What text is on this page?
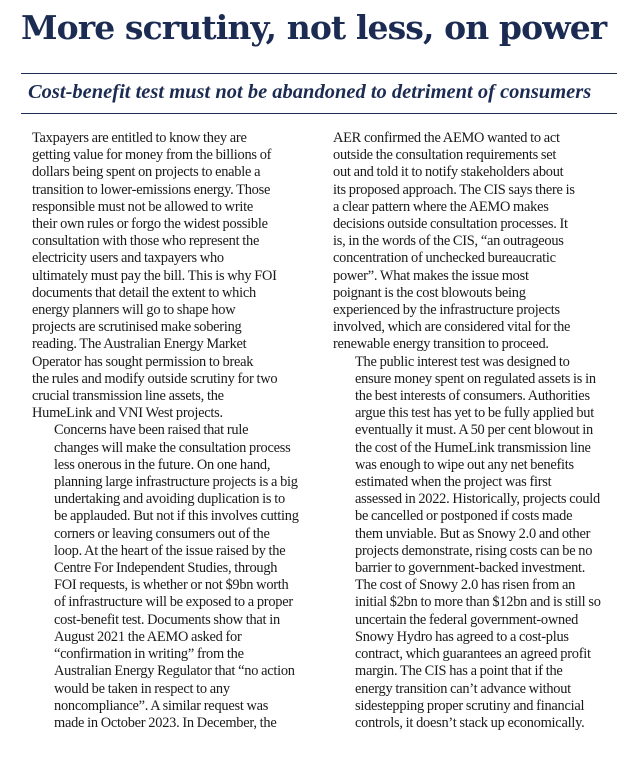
More scrutiny, not less, on power
Cost-benefit test must not be abandoned to detriment of consumers

Taxpayers are entitled to know they are
getting value for money from the billions of
dollars being spent on projects to enable a
transition to lower-emissions energy. Those
responsible must not be allowed to write
their own rules or forgo the widest possible
consultation with those who represent the
electricity users and taxpayers who
ultimately must pay the bill. This is why FOI
documents that detail the extent to which
energy planners will go to shape how
projects are scrutinised make sobering
reading. The Australian Energy Market
Operator has sought permission to break
the rules and modify outside scrutiny for two
crucial transmission line assets, the
HumeLink and VNI West projects.

Concerns have been raised that rule
changes will make the consultation process
less onerous in the future. On one hand,
planning large infrastructure projects is a big
undertaking and avoiding duplication is to
be applauded. But not if this involves cutting
corners or leaving consumers out of the
loop. At the heart of the issue raised by the
Centre For Independent Studies, through
FOI requests, is whether or not $9bn worth
of infrastructure will be exposed to a proper
cost-benefit test. Documents show that in
August 2021 the AEMO asked for
“confirmation in writing” from the
Australian Energy Regulator that “no action
would be taken in respect to any
noncompliance”. A similar request was
made in October 2023. In December, the

AER confirmed the AEMO wanted to act
outside the consultation requirements set
out and told it to notify stakeholders about
its proposed approach. The CIS says there is
a clear pattern where the AEMO makes
decisions outside consultation processes. It
is, in the words of the CIS, “an outrageous
concentration of unchecked bureaucratic
power”. What makes the issue most
poignant is the cost blowouts being
experienced by the infrastructure projects
involved, which are considered vital for the
renewable energy transition to proceed.

The public interest test was designed to
ensure money spent on regulated assets is in
the best interests of consumers. Authorities
argue this test has yet to be fully applied but
eventually it must. A 50 per cent blowout in
the cost of the HumeLink transmission line
was enough to wipe out any net benefits
estimated when the project was first
assessed in 2022. Historically, projects could
be cancelled or postponed if costs made
them unviable. But as Snowy 2.0 and other
projects demonstrate, rising costs can be no
barrier to government-backed investment.
The cost of Snowy 2.0 has risen from an
initial $2bn to more than $12bn and is still so
uncertain the federal government-owned
Snowy Hydro has agreed to a cost-plus
contract, which guarantees an agreed profit
margin. The CIS has a point that if the
energy transition can’t advance without
sidestepping proper scrutiny and financial
controls, it doesn’t stack up economically.
